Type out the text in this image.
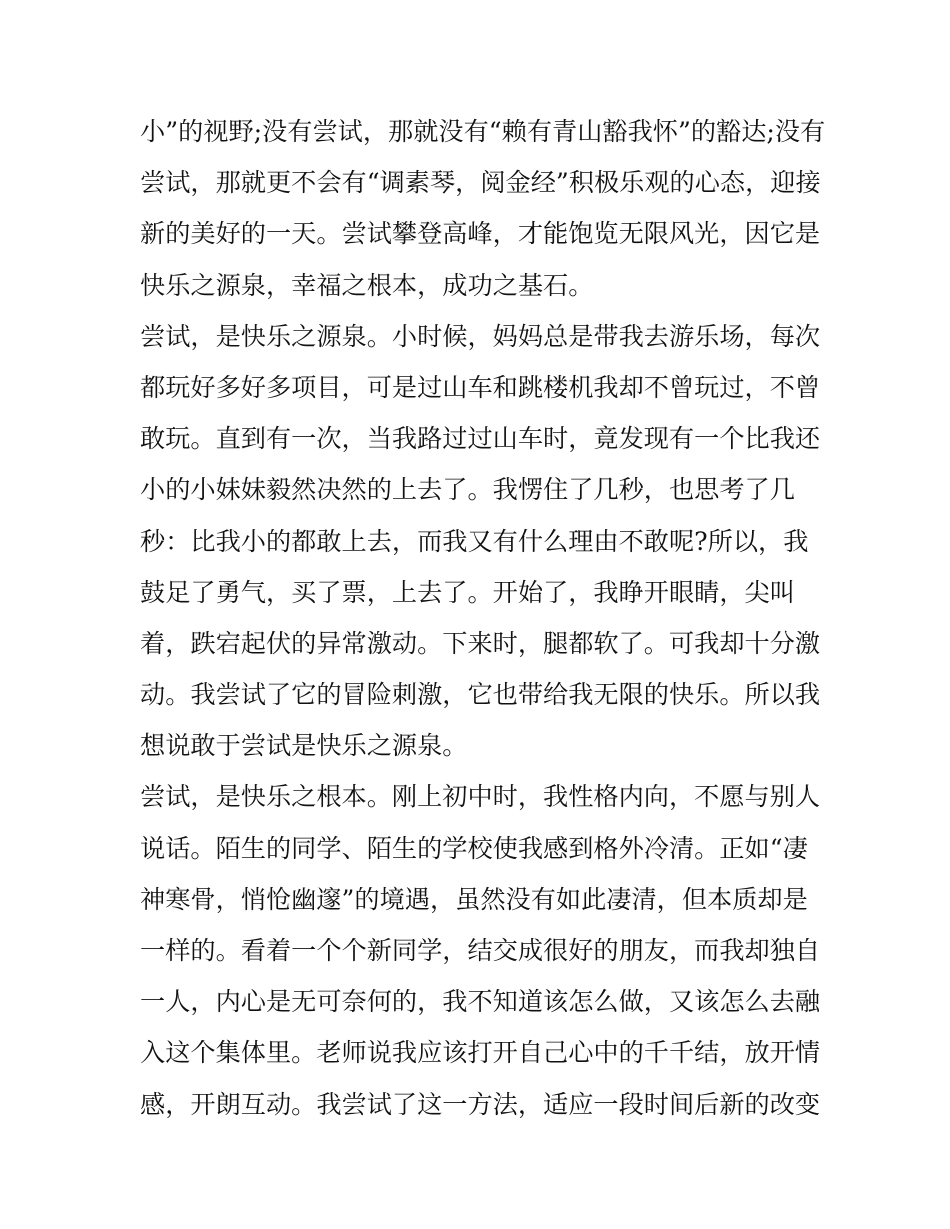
小”的视野;没有尝试，那就没有“赖有青山豁我怀”的豁达;没有
尝试，那就更不会有“调素琴，阅金经”积极乐观的心态，迎接
新的美好的一天。尝试攀登高峰，才能饱览无限风光，因它是
快乐之源泉，幸福之根本，成功之基石。
尝试，是快乐之源泉。小时候，妈妈总是带我去游乐场，每次
都玩好多好多项目，可是过山车和跳楼机我却不曾玩过，不曾
敢玩。直到有一次，当我路过过山车时，竟发现有一个比我还
小的小妹妹毅然决然的上去了。我愣住了几秒，也思考了几
秒：比我小的都敢上去，而我又有什么理由不敢呢?所以，我
鼓足了勇气，买了票，上去了。开始了，我睁开眼睛，尖叫
着，跌宕起伏的异常激动。下来时，腿都软了。可我却十分激
动。我尝试了它的冒险刺激，它也带给我无限的快乐。所以我
想说敢于尝试是快乐之源泉。
尝试，是快乐之根本。刚上初中时，我性格内向，不愿与别人
说话。陌生的同学、陌生的学校使我感到格外冷清。正如“凄
神寒骨，悄怆幽邃”的境遇，虽然没有如此凄清，但本质却是
一样的。看着一个个新同学，结交成很好的朋友，而我却独自
一人，内心是无可奈何的，我不知道该怎么做，又该怎么去融
入这个集体里。老师说我应该打开自己心中的千千结，放开情
感，开朗互动。我尝试了这一方法，适应一段时间后新的改变
